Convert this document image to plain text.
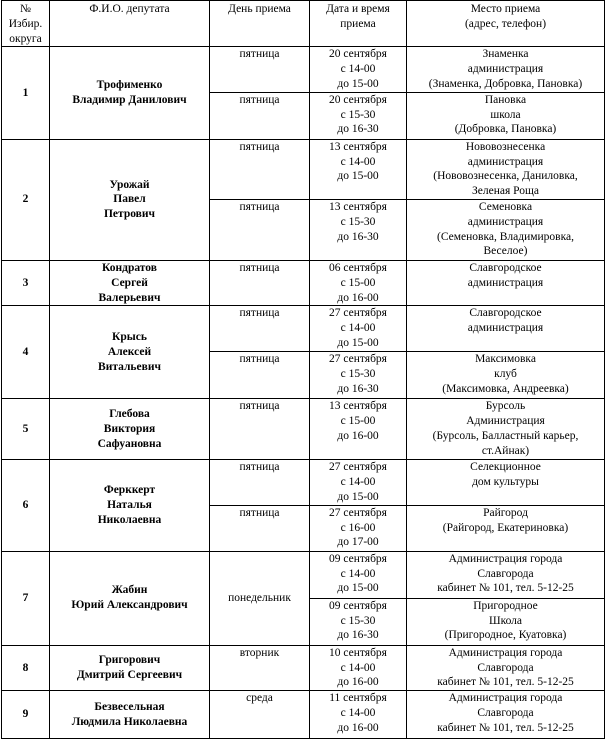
№
Избир.
округа	Ф.И.О. депутата	День приема	Дата и время
приема	Место приема
(адрес, телефон)

1	Трофименко
Владимир Данилович	пятница	20 сентября
с 14-00
до 15-00	Знаменка
администрация
(Знаменка, Добровка, Пановка)

		пятница	20 сентября
с 15-30
до 16-30	Пановка
школа
(Добровка, Пановка)

2	Урожай
Павел
Петрович	пятница	13 сентября
с 14-00
до 15-00	Нововознесенка
администрация
(Нововознесенка, Даниловка,
Зеленая Роща

		пятница	13 сентября
с 15-30
до 16-30	Семеновка
администрация
(Семеновка, Владимировка,
Веселое)

3	Кондратов
Сергей
Валерьевич	пятница	06 сентября
с 15-00
до 16-00	Славгородское
администрация

4	Крысь
Алексей
Витальевич	пятница	27 сентября
с 14-00
до 15-00	Славгородское
администрация

		пятница	27 сентября
с 15-30
до 16-30	Максимовка
клуб
(Максимовка, Андреевка)

5	Глебова
Виктория
Сафуановна	пятница	13 сентября
с 15-00
до 16-00	Бурсоль
Администрация
(Бурсоль, Балластный карьер,
ст.Айнак)

6	Ферккерт
Наталья
Николаевна	пятница	27 сентября
с 14-00
до 15-00	Селекционное
дом культуры

		пятница	27 сентября
с 16-00
до 17-00	Райгород
(Райгород, Екатериновка)

7	Жабин
Юрий Александрович	понедельник	09 сентября
с 14-00
до 15-00	Администрация города
Славгорода
кабинет № 101, тел. 5-12-25

			09 сентября
с 15-30
до 16-30	Пригородное
Школа
(Пригородное, Куатовка)

8	Григорович
Дмитрий Сергеевич	вторник	10 сентября
с 14-00
до 16-00	Администрация города
Славгорода
кабинет № 101, тел. 5-12-25

9	Безвесельная
Людмила Николаевна	среда	11 сентября
с 14-00
до 16-00	Администрация города
Славгорода
кабинет № 101, тел. 5-12-25
